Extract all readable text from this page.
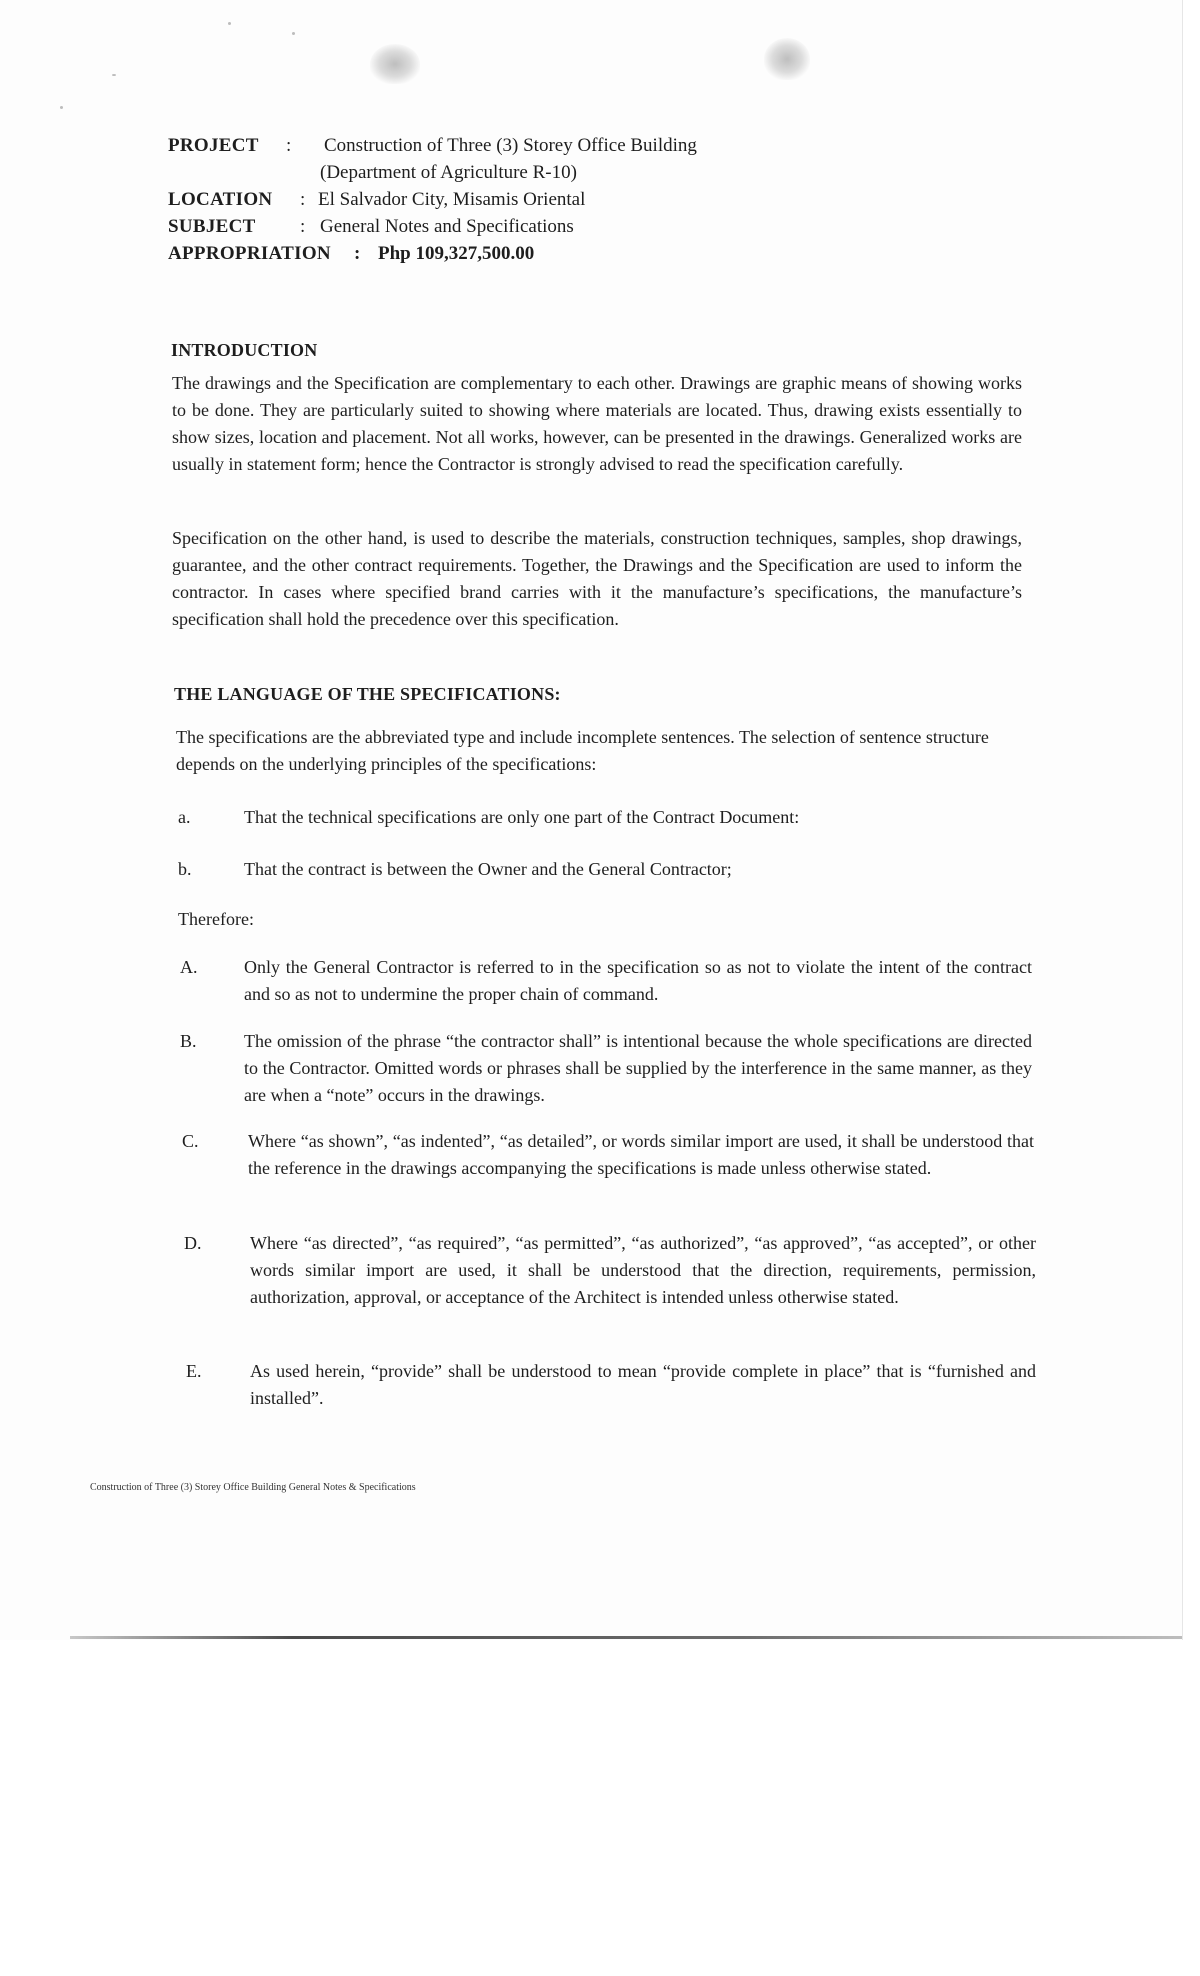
PROJECT : Construction of Three (3) Storey Office Building
(Department of Agriculture R-10)
LOCATION : El Salvador City, Misamis Oriental
SUBJECT : General Notes and Specifications
APPROPRIATION : Php 109,327,500.00
INTRODUCTION
The drawings and the Specification are complementary to each other. Drawings are graphic means of showing works to be done. They are particularly suited to showing where materials are located. Thus, drawing exists essentially to show sizes, location and placement. Not all works, however, can be presented in the drawings. Generalized works are usually in statement form; hence the Contractor is strongly advised to read the specification carefully.
Specification on the other hand, is used to describe the materials, construction techniques, samples, shop drawings, guarantee, and the other contract requirements. Together, the Drawings and the Specification are used to inform the contractor. In cases where specified brand carries with it the manufacture’s specifications, the manufacture’s specification shall hold the precedence over this specification.
THE LANGUAGE OF THE SPECIFICATIONS:
The specifications are the abbreviated type and include incomplete sentences. The selection of sentence structure depends on the underlying principles of the specifications:
a.	That the technical specifications are only one part of the Contract Document:
b.	That the contract is between the Owner and the General Contractor;
Therefore:
A.	Only the General Contractor is referred to in the specification so as not to violate the intent of the contract and so as not to undermine the proper chain of command.
B.	The omission of the phrase “the contractor shall” is intentional because the whole specifications are directed to the Contractor. Omitted words or phrases shall be supplied by the interference in the same manner, as they are when a “note” occurs in the drawings.
C.	Where “as shown”, “as indented”, “as detailed”, or words similar import are used, it shall be understood that the reference in the drawings accompanying the specifications is made unless otherwise stated.
D.	Where “as directed”, “as required”, “as permitted”, “as authorized”, “as approved”, “as accepted”, or other words similar import are used, it shall be understood that the direction, requirements, permission, authorization, approval, or acceptance of the Architect is intended unless otherwise stated.
E.	As used herein, “provide” shall be understood to mean “provide complete in place” that is “furnished and installed”.
Construction of Three (3) Storey Office Building General Notes & Specifications
